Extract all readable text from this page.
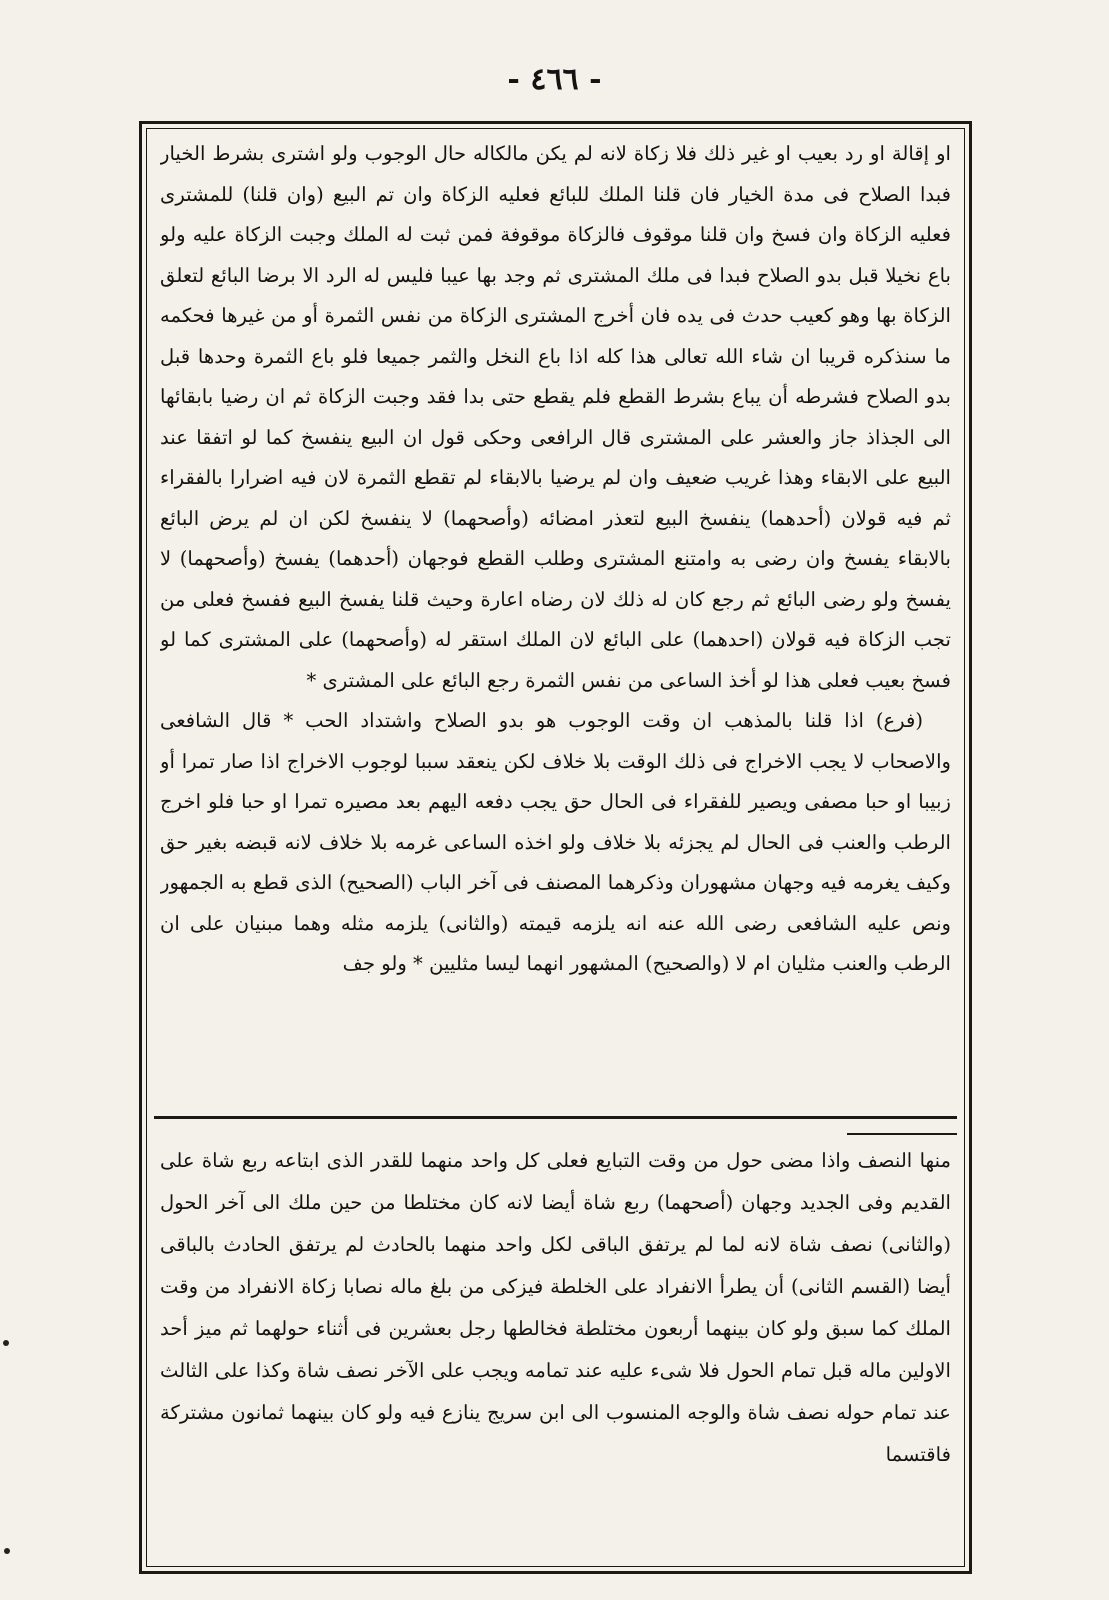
- ٤٦٦ -

او إقالة او رد بعيب او غير ذلك فلا زكاة لانه لم يكن مالكاله حال الوجوب ولو اشترى بشرط الخيار فبدا الصلاح فى مدة الخيار فان قلنا الملك للبائع فعليه الزكاة وان تم البيع (وان قلنا) للمشترى فعليه الزكاة وان فسخ وان قلنا موقوف فالزكاة موقوفة فمن ثبت له الملك وجبت الزكاة عليه ولو باع نخيلا قبل بدو الصلاح فبدا فى ملك المشترى ثم وجد بها عيبا فليس له الرد الا برضا البائع لتعلق الزكاة بها وهو كعيب حدث فى يده فان أخرج المشترى الزكاة من نفس الثمرة أو من غيرها فحكمه ما سنذكره قريبا ان شاء الله تعالى هذا كله اذا باع النخل والثمر جميعا فلو باع الثمرة وحدها قبل بدو الصلاح فشرطه أن يباع بشرط القطع فلم يقطع حتى بدا فقد وجبت الزكاة ثم ان رضيا بابقائها الى الجذاذ جاز والعشر على المشترى قال الرافعى وحكى قول ان البيع ينفسخ كما لو اتفقا عند البيع على الابقاء وهذا غريب ضعيف وان لم يرضيا بالابقاء لم تقطع الثمرة لان فيه اضرارا بالفقراء ثم فيه قولان (أحدهما) ينفسخ البيع لتعذر امضائه (وأصحهما) لا ينفسخ لكن ان لم يرض البائع بالابقاء يفسخ وان رضى به وامتنع المشترى وطلب القطع فوجهان (أحدهما) يفسخ (وأصحهما) لا يفسخ ولو رضى البائع ثم رجع كان له ذلك لان رضاه اعارة وحيث قلنا يفسخ البيع ففسخ فعلى من تجب الزكاة فيه قولان (احدهما) على البائع لان الملك استقر له (وأصحهما) على المشترى كما لو فسخ بعيب فعلى هذا لو أخذ الساعى من نفس الثمرة رجع البائع على المشترى *

(فرع) اذا قلنا بالمذهب ان وقت الوجوب هو بدو الصلاح واشتداد الحب * قال الشافعى والاصحاب لا يجب الاخراج فى ذلك الوقت بلا خلاف لكن ينعقد سببا لوجوب الاخراج اذا صار تمرا أو زبيبا او حبا مصفى ويصير للفقراء فى الحال حق يجب دفعه اليهم بعد مصيره تمرا او حبا فلو اخرج الرطب والعنب فى الحال لم يجزئه بلا خلاف ولو اخذه الساعى غرمه بلا خلاف لانه قبضه بغير حق وكيف يغرمه فيه وجهان مشهوران وذكرهما المصنف فى آخر الباب (الصحيح) الذى قطع به الجمهور ونص عليه الشافعى رضى الله عنه انه يلزمه قيمته (والثانى) يلزمه مثله وهما مبنيان على ان الرطب والعنب مثليان ام لا (والصحيح) المشهور انهما ليسا مثليين * ولو جف

منها النصف واذا مضى حول من وقت التبايع فعلى كل واحد منهما للقدر الذى ابتاعه ربع شاة على القديم وفى الجديد وجهان (أصحهما) ربع شاة أيضا لانه كان مختلطا من حين ملك الى آخر الحول (والثانى) نصف شاة لانه لما لم يرتفق الباقى لكل واحد منهما بالحادث لم يرتفق الحادث بالباقى أيضا (القسم الثانى) أن يطرأ الانفراد على الخلطة فيزكى من بلغ ماله نصابا زكاة الانفراد من وقت الملك كما سبق ولو كان بينهما أربعون مختلطة فخالطها رجل بعشرين فى أثناء حولهما ثم ميز أحد الاولين ماله قبل تمام الحول فلا شىء عليه عند تمامه ويجب على الآخر نصف شاة وكذا على الثالث عند تمام حوله نصف شاة والوجه المنسوب الى ابن سريج ينازع فيه ولو كان بينهما ثمانون مشتركة فاقتسما
